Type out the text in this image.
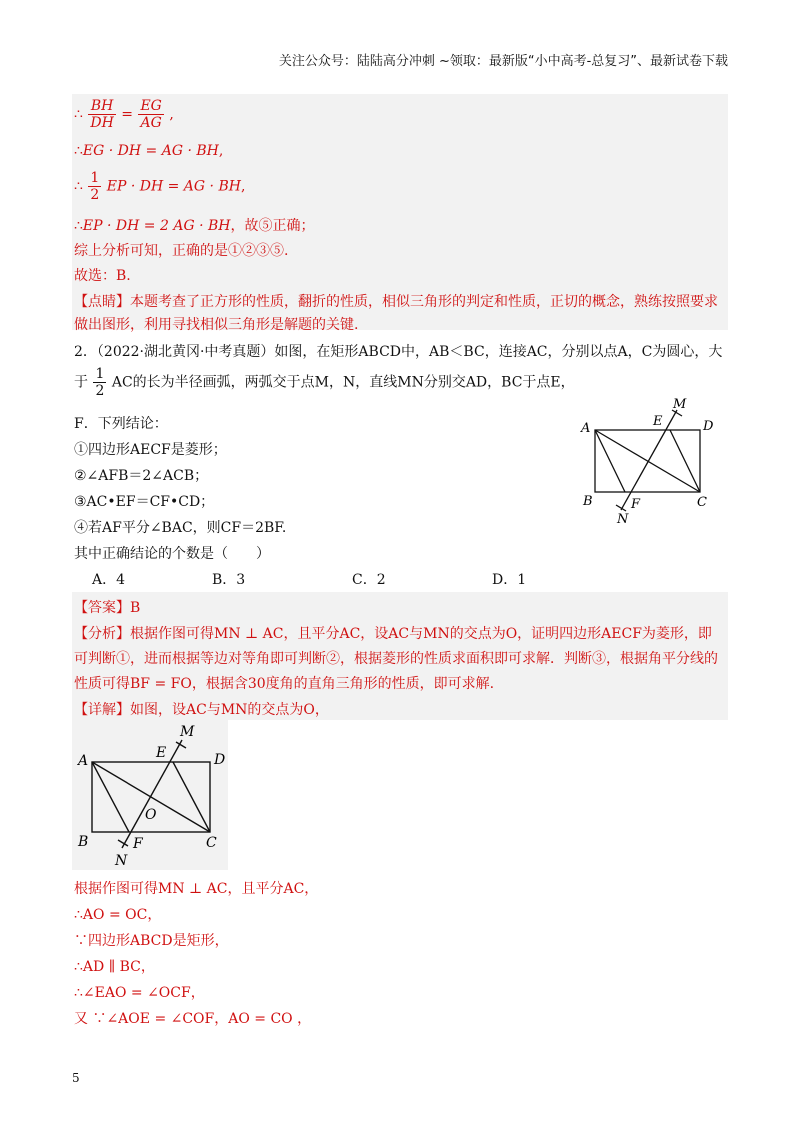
关注公众号：陆陆高分冲刺 ~领取：最新版“小中高考-总复习”、最新试卷下载
∴ $\frac{BH}{DH} = \frac{EG}{AG}$ ,
∴EG · DH = AG · BH,
∴ $\frac{1}{2}$ EP · DH = AG · BH,
∴EP · DH = 2 AG · BH，故⑤正确；
综上分析可知，正确的是①②③⑤.
故选：B.
【点睛】本题考查了正方形的性质，翻折的性质，相似三角形的判定和性质，正切的概念，熟练按照要求
做出图形，利用寻找相似三角形是解题的关键.
2．（2022·湖北黄冈·中考真题）如图，在矩形ABCD中，AB＜BC，连接AC，分别以点A，C为圆心，大
于 $\frac{1}{2}$ AC的长为半径画弧，两弧交于点M，N，直线MN分别交AD，BC于点E，
F．下列结论：
①四边形AECF是菱形；
②∠AFB＝2∠ACB；
③AC•EF＝CF•CD；
④若AF平分∠BAC，则CF＝2BF.
其中正确结论的个数是（　　）
A．4	B．3	C．2	D．1
A	D
E
M
B	C
F
N
【答案】B
【分析】根据作图可得MN ⊥ AC，且平分AC，设AC与MN的交点为O，证明四边形AECF为菱形，即
可判断①，进而根据等边对等角即可判断②，根据菱形的性质求面积即可求解．判断③，根据角平分线的
性质可得BF = FO，根据含30度角的直角三角形的性质，即可求解.
【详解】如图，设AC与MN的交点为O，
A	D
E
M
O
B	C
F
N
根据作图可得MN ⊥ AC，且平分AC，
∴AO = OC，
∵四边形ABCD是矩形，
∴AD ∥ BC，
∴∠EAO = ∠OCF，
又 ∵∠AOE = ∠COF，AO = CO ，
5
